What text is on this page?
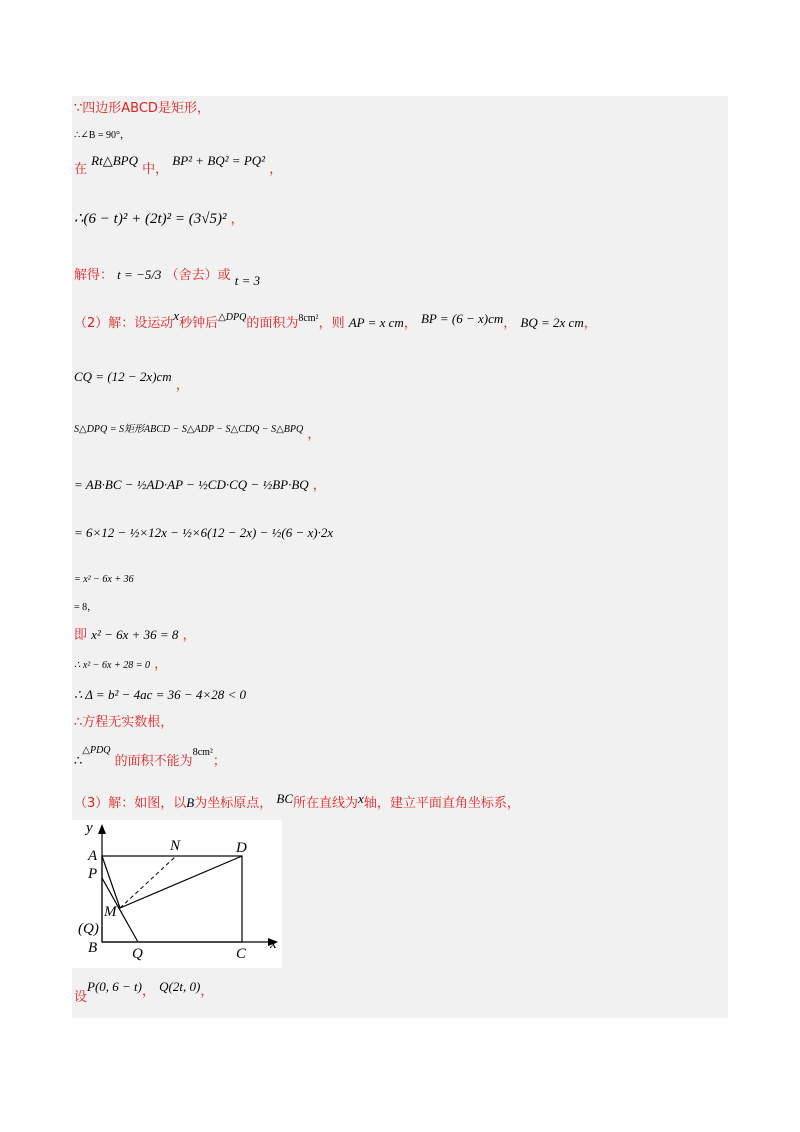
∵四边形ABCD是矩形，
∴∠B = 90°，
在 Rt△BPQ 中， BP² + BQ² = PQ² ，
∴(6 − t)² + (2t)² = (3√5)² ，
解得： t = −5/3 （舍去）或 t = 3
（2）解：设运动x秒钟后$^{\triangle DPQ}$的面积为$^{8cm^2}$，则 AP = x cm， BP = (6 − x)cm， BQ = 2x cm，
CQ = (12 − 2x)cm ，
S△DPQ = S矩形ABCD − S△ADP − S△CDQ − S△BPQ ，
= AB·BC − ½AD·AP − ½CD·CQ − ½BP·BQ ，
= 6×12 − ½×12x − ½×6(12 − 2x) − ½(6 − x)·2x
= x² − 6x + 36
= 8，
即 x² − 6x + 36 = 8 ，
∴ x² − 6x + 28 = 0 ，
∴ Δ = b² − 4ac = 36 − 4×28 < 0
∴方程无实数根，
∴$^{\triangle PDQ}$ 的面积不能为$^{8cm^2}$；
（3）解：如图，以B为坐标原点， BC所在直线为x轴，建立平面直角坐标系，
y
x
A
N	D
P
M
(Q)
B Q	C
设P(0, 6 − t)， Q(2t, 0)，
